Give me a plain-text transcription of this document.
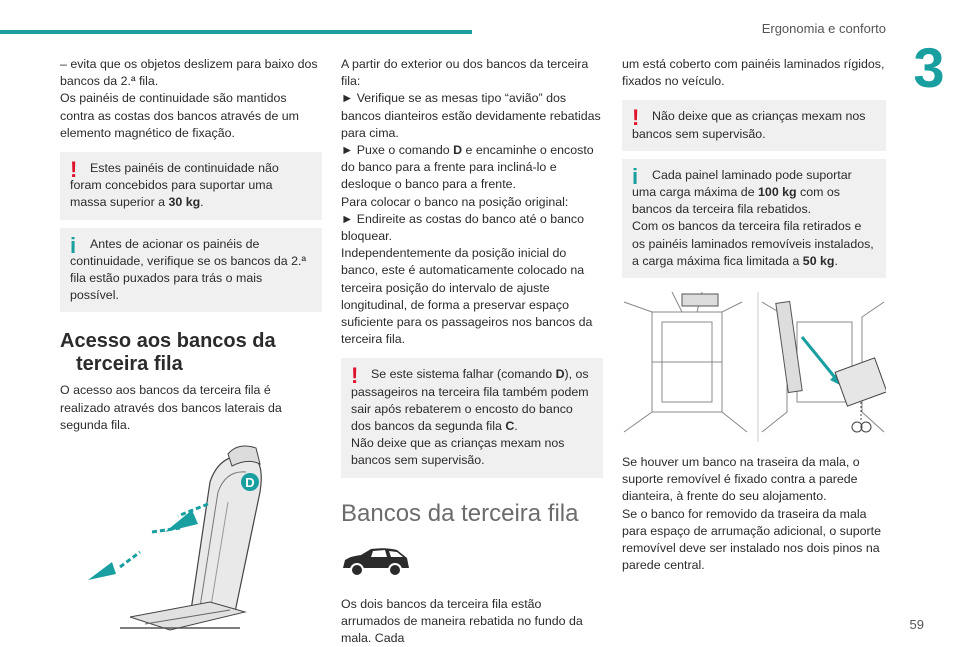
Ergonomia e conforto
3
59

– evita que os objetos deslizem para baixo dos bancos da 2.ª fila.

Os painéis de continuidade são mantidos contra as costas dos bancos através de um elemento magnético de fixação.

!	Estes painéis de continuidade não foram concebidos para suportar uma massa superior a 30 kg.

i	Antes de acionar os painéis de continuidade, verifique se os bancos da 2.ª fila estão puxados para trás o mais possível.

Acesso aos bancos da
terceira fila

O acesso aos bancos da terceira fila é realizado através dos bancos laterais da segunda fila.

D

A partir do exterior ou dos bancos da terceira fila:

► Verifique se as mesas tipo “avião” dos bancos dianteiros estão devidamente rebatidas para cima.

► Puxe o comando D e encaminhe o encosto do banco para a frente para incliná-lo e desloque o banco para a frente.

Para colocar o banco na posição original:

► Endireite as costas do banco até o banco bloquear.

Independentemente da posição inicial do banco, este é automaticamente colocado na terceira posição do intervalo de ajuste longitudinal, de forma a preservar espaço suficiente para os passageiros nos bancos da terceira fila.

!	Se este sistema falhar (comando D), os passageiros na terceira fila também podem sair após rebaterem o encosto do banco dos bancos da segunda fila C.

Não deixe que as crianças mexam nos bancos sem supervisão.

Bancos da terceira fila

Os dois bancos da terceira fila estão arrumados de maneira rebatida no fundo da mala. Cada

um está coberto com painéis laminados rígidos, fixados no veículo.

!	Não deixe que as crianças mexam nos bancos sem supervisão.

i	Cada painel laminado pode suportar uma carga máxima de 100 kg com os bancos da terceira fila rebatidos.

Com os bancos da terceira fila retirados e os painéis laminados removíveis instalados, a carga máxima fica limitada a 50 kg.

Se houver um banco na traseira da mala, o suporte removível é fixado contra a parede dianteira, à frente do seu alojamento.

Se o banco for removido da traseira da mala para espaço de arrumação adicional, o suporte removível deve ser instalado nos dois pinos na parede central.
